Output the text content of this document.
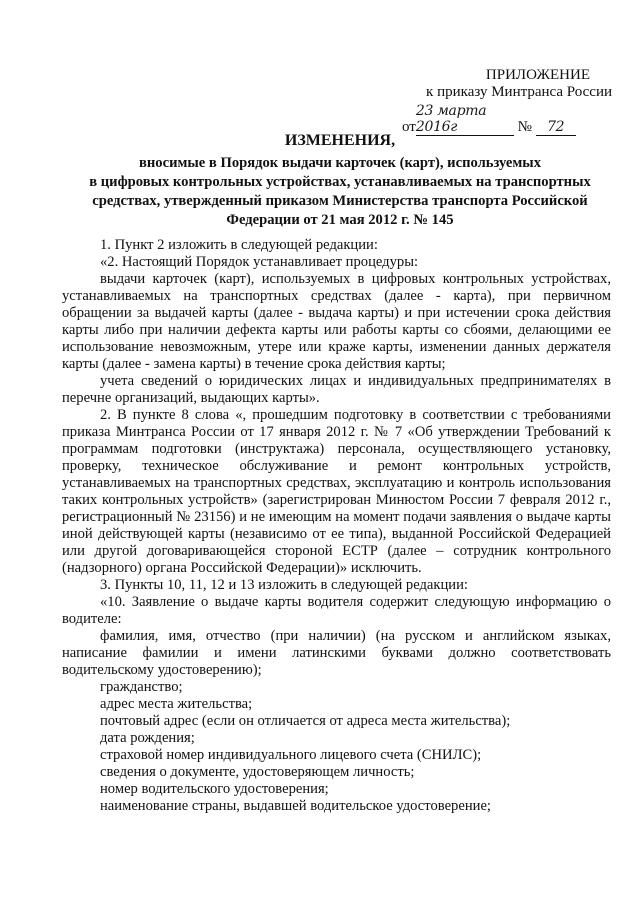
ПРИЛОЖЕНИЕ
к приказу Минтранса России
от23 марта 2016г	№ 72
ИЗМЕНЕНИЯ,
вносимые в Порядок выдачи карточек (карт), используемых
в цифровых контрольных устройствах, устанавливаемых на транспортных
средствах, утвержденный приказом Министерства транспорта Российской
Федерации от 21 мая 2012 г. № 145

1. Пункт 2 изложить в следующей редакции:

«2. Настоящий Порядок устанавливает процедуры:

выдачи карточек (карт), используемых в цифровых контрольных устройствах, устанавливаемых на транспортных средствах (далее - карта), при первичном обращении за выдачей карты (далее - выдача карты) и при истечении срока действия карты либо при наличии дефекта карты или работы карты со сбоями, делающими ее использование невозможным, утере или краже карты, изменении данных держателя карты (далее - замена карты) в течение срока действия карты;

учета сведений о юридических лицах и индивидуальных предпринимателях в перечне организаций, выдающих карты».

2. В пункте 8 слова «, прошедшим подготовку в соответствии с требованиями приказа Минтранса России от 17 января 2012 г. № 7 «Об утверждении Требований к программам подготовки (инструктажа) персонала, осуществляющего установку, проверку, техническое обслуживание и ремонт контрольных устройств, устанавливаемых на транспортных средствах, эксплуатацию и контроль использования таких контрольных устройств» (зарегистрирован Минюстом России 7 февраля 2012 г., регистрационный № 23156) и не имеющим на момент подачи заявления о выдаче карты иной действующей карты (независимо от ее типа), выданной Российской Федерацией или другой договаривающейся стороной ЕСТР (далее – сотрудник контрольного (надзорного) органа Российской Федерации)» исключить.

3. Пункты 10, 11, 12 и 13 изложить в следующей редакции:

«10. Заявление о выдаче карты водителя содержит следующую информацию о водителе:

фамилия, имя, отчество (при наличии) (на русском и английском языках, написание фамилии и имени латинскими буквами должно соответствовать водительскому удостоверению);

гражданство;

адрес места жительства;

почтовый адрес (если он отличается от адреса места жительства);

дата рождения;

страховой номер индивидуального лицевого счета (СНИЛС);

сведения о документе, удостоверяющем личность;

номер водительского удостоверения;

наименование страны, выдавшей водительское удостоверение;
